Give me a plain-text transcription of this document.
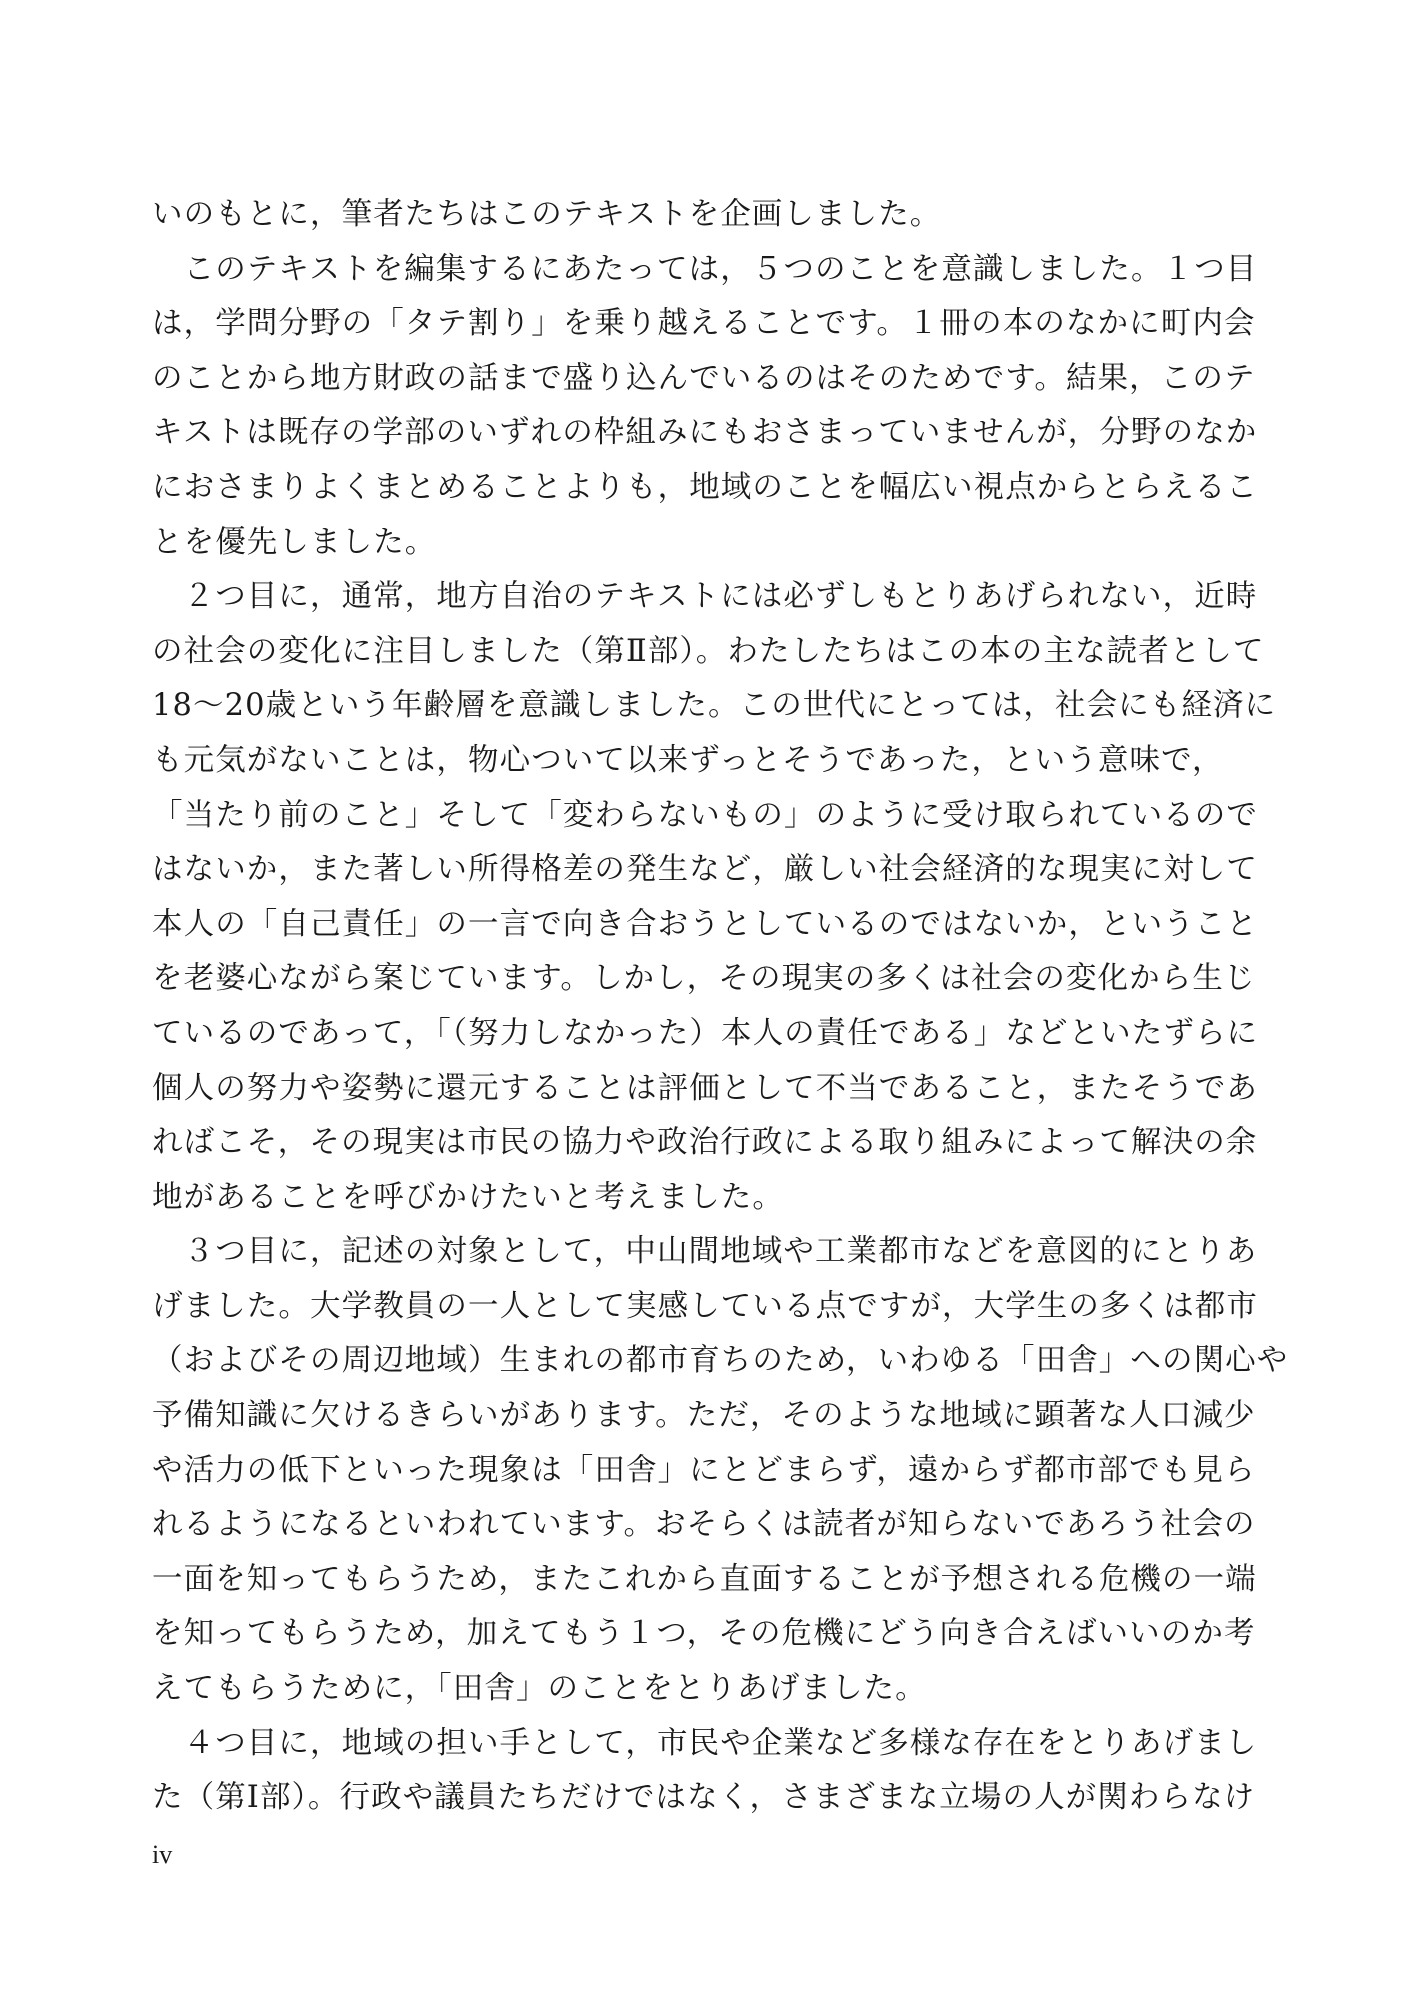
いのもとに，筆者たちはこのテキストを企画しました。
　このテキストを編集するにあたっては，５つのことを意識しました。１つ目
は，学問分野の「タテ割り」を乗り越えることです。１冊の本のなかに町内会
のことから地方財政の話まで盛り込んでいるのはそのためです。結果，このテ
キストは既存の学部のいずれの枠組みにもおさまっていませんが，分野のなか
におさまりよくまとめることよりも，地域のことを幅広い視点からとらえるこ
とを優先しました。
　２つ目に，通常，地方自治のテキストには必ずしもとりあげられない，近時
の社会の変化に注目しました（第Ⅱ部）。わたしたちはこの本の主な読者として
18〜20歳という年齢層を意識しました。この世代にとっては，社会にも経済に
も元気がないことは，物心ついて以来ずっとそうであった，という意味で，
「当たり前のこと」そして「変わらないもの」のように受け取られているので
はないか，また著しい所得格差の発生など，厳しい社会経済的な現実に対して
本人の「自己責任」の一言で向き合おうとしているのではないか，ということ
を老婆心ながら案じています。しかし，その現実の多くは社会の変化から生じ
ているのであって，「（努力しなかった）本人の責任である」などといたずらに
個人の努力や姿勢に還元することは評価として不当であること，またそうであ
ればこそ，その現実は市民の協力や政治行政による取り組みによって解決の余
地があることを呼びかけたいと考えました。
　３つ目に，記述の対象として，中山間地域や工業都市などを意図的にとりあ
げました。大学教員の一人として実感している点ですが，大学生の多くは都市
（およびその周辺地域）生まれの都市育ちのため，いわゆる「田舎」への関心や
予備知識に欠けるきらいがあります。ただ，そのような地域に顕著な人口減少
や活力の低下といった現象は「田舎」にとどまらず，遠からず都市部でも見ら
れるようになるといわれています。おそらくは読者が知らないであろう社会の
一面を知ってもらうため，またこれから直面することが予想される危機の一端
を知ってもらうため，加えてもう１つ，その危機にどう向き合えばいいのか考
えてもらうために，「田舎」のことをとりあげました。
　４つ目に，地域の担い手として，市民や企業など多様な存在をとりあげまし
た（第Ⅰ部）。行政や議員たちだけではなく，さまざまな立場の人が関わらなけ
iv
